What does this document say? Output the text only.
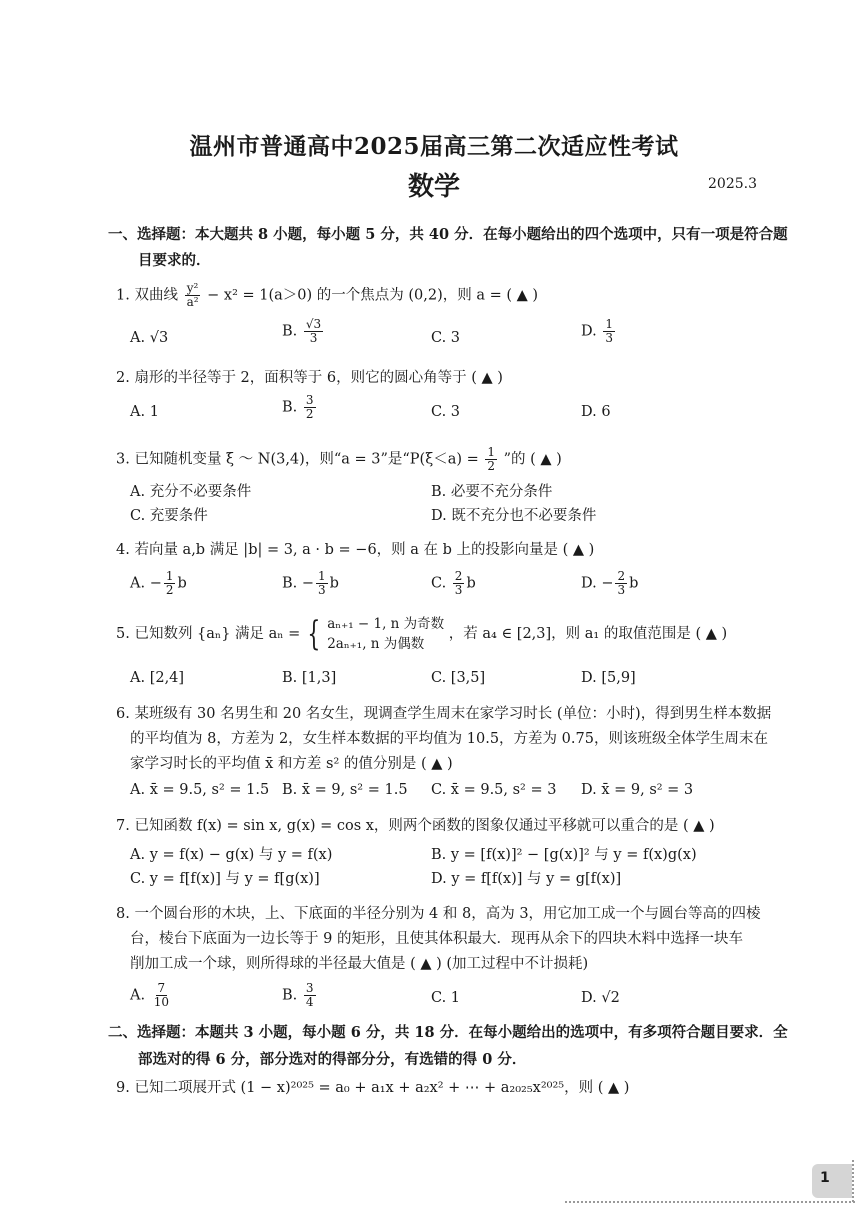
温州市普通高中2025届高三第二次适应性考试
数学	2025.3
一、选择题：本大题共 8 小题，每小题 5 分，共 40 分．在每小题给出的四个选项中，只有一项是符合题
目要求的．
1. 双曲线 $\frac{\text{y²}}{\text{a²}} - x^2 = 1(a>0)$ 的一个焦点为 (0,2)，则 a = ( ▲ )
A. √3	B. $\frac{√3}{3}$	C. 3	D. $\frac{1}{3}$
2. 扇形的半径等于 2，面积等于 6，则它的圆心角等于 ( ▲ )
A. 1	B. $\frac{3}{2}$	C. 3	D. 6
3. 已知随机变量 ξ ～ N(3,4)，则“a = 3”是“$P(\xi<a) = \frac{1}{2}$ ”的 ( ▲ )
A. 充分不必要条件	B. 必要不充分条件
C. 充要条件	D. 既不充分也不必要条件
4. 若向量 a,b 满足 |b| = 3, a · b = −6，则 a 在 b 上的投影向量是 ( ▲ )
A. − $\frac{1}{2}$ b	B. − $\frac{1}{3}$ b	C. $\frac{2}{3}$ b	D. − $\frac{2}{3}$ b
5. 已知数列 {aₙ} 满足 aₙ = { aₙ₊₁ − 1, n 为奇数
2aₙ₊₁, n 为偶数
，若 a₄ ∈ [2,3]，则 a₁ 的取值范围是 ( ▲ )
A. [2,4]	B. [1,3]	C. [3,5]	D. [5,9]
6. 某班级有 30 名男生和 20 名女生，现调查学生周末在家学习时长 (单位：小时)，得到男生样本数据
的平均值为 8，方差为 2，女生样本数据的平均值为 10.5，方差为 0.75，则该班级全体学生周末在
家学习时长的平均值 x̄ 和方差 s² 的值分别是 ( ▲ )
A. x̄ = 9.5, s² = 1.5 B. x̄ = 9, s² = 1.5 C. x̄ = 9.5, s² = 3 D. x̄ = 9, s² = 3
7. 已知函数 f(x) = sin x, g(x) = cos x，则两个函数的图象仅通过平移就可以重合的是 ( ▲ )
A. y = f(x) − g(x) 与 y = f(x)	B. y = [f(x)]² − [g(x)]² 与 y = f(x)g(x)
C. y = f[f(x)] 与 y = f[g(x)]	D. y = f[f(x)] 与 y = g[f(x)]
8. 一个圆台形的木块，上、下底面的半径分别为 4 和 8，高为 3，用它加工成一个与圆台等高的四棱
台，棱台下底面为一边长等于 9 的矩形，且使其体积最大．现再从余下的四块木料中选择一块车
削加工成一个球，则所得球的半径最大值是 ( ▲ ) (加工过程中不计损耗)
A. $\frac{7}{10}$	B. $\frac{3}{4}$	C. 1	D. √2
二、选择题：本题共 3 小题，每小题 6 分，共 18 分．在每小题给出的选项中，有多项符合题目要求．全
部选对的得 6 分，部分选对的得部分分，有选错的得 0 分．
9. 已知二项展开式 (1 − x)²⁰²⁵ = a₀ + a₁x + a₂x² + ⋯ + a₂₀₂₅x²⁰²⁵，则 ( ▲ )
1
